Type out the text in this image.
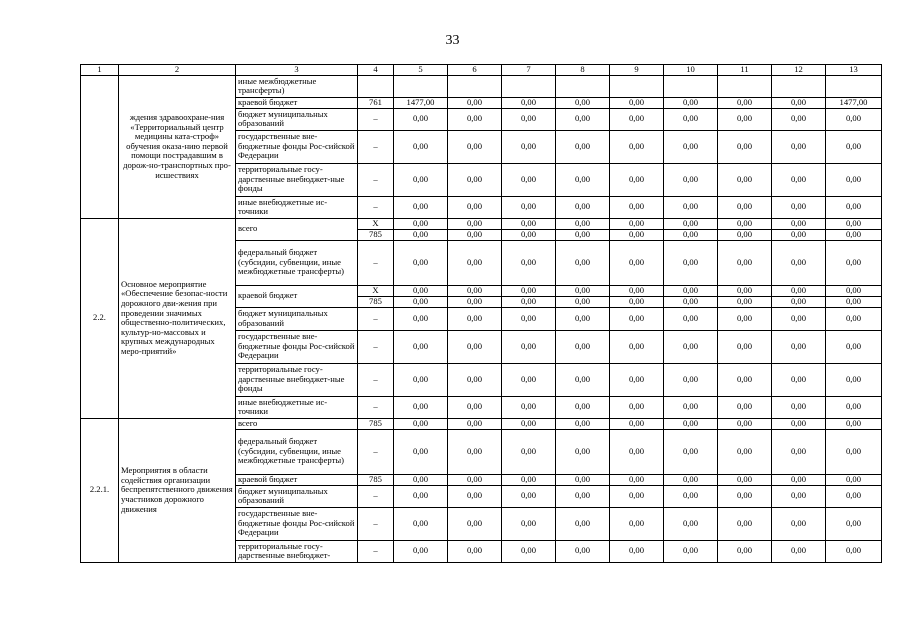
33
1	2	3	4	5	6	7	8	9	10	11	12	13
	ждения здравоохране-ния «Территориальный центр медицины ката-строф» обучения оказа-нию первой помощи пострадавшим в дорож-но-транспортных про-исшествиях	иные межбюджетные трансферты)										
		краевой бюджет	761	1477,00	0,00	0,00	0,00	0,00	0,00	0,00	0,00	1477,00
		бюджет муниципальных образований	–	0,00	0,00	0,00	0,00	0,00	0,00	0,00	0,00	0,00
		государственные вне-бюджетные фонды Рос-сийской Федерации	–	0,00	0,00	0,00	0,00	0,00	0,00	0,00	0,00	0,00
		территориальные госу-дарственные внебюджет-ные фонды	–	0,00	0,00	0,00	0,00	0,00	0,00	0,00	0,00	0,00
		иные внебюджетные ис-точники	–	0,00	0,00	0,00	0,00	0,00	0,00	0,00	0,00	0,00
2.2.	Основное мероприятие «Обеспечение безопас-ности дорожного дви-жения при проведении значимых общественно-политических, культур-но-массовых и крупных международных меро-приятий»	всего	Х	0,00	0,00	0,00	0,00	0,00	0,00	0,00	0,00	0,00
			785	0,00	0,00	0,00	0,00	0,00	0,00	0,00	0,00	0,00
		федеральный бюджет (субсидии, субвенции, иные межбюджетные трансферты)	–	0,00	0,00	0,00	0,00	0,00	0,00	0,00	0,00	0,00
		краевой бюджет	Х	0,00	0,00	0,00	0,00	0,00	0,00	0,00	0,00	0,00
			785	0,00	0,00	0,00	0,00	0,00	0,00	0,00	0,00	0,00
		бюджет муниципальных образований	–	0,00	0,00	0,00	0,00	0,00	0,00	0,00	0,00	0,00
		государственные вне-бюджетные фонды Рос-сийской Федерации	–	0,00	0,00	0,00	0,00	0,00	0,00	0,00	0,00	0,00
		территориальные госу-дарственные внебюджет-ные фонды	–	0,00	0,00	0,00	0,00	0,00	0,00	0,00	0,00	0,00
		иные внебюджетные ис-точники	–	0,00	0,00	0,00	0,00	0,00	0,00	0,00	0,00	0,00
2.2.1.	Мероприятия в области содействия организации беспрепятственного движения участников дорожного движения	всего	785	0,00	0,00	0,00	0,00	0,00	0,00	0,00	0,00	0,00
		федеральный бюджет (субсидии, субвенции, иные межбюджетные трансферты)	–	0,00	0,00	0,00	0,00	0,00	0,00	0,00	0,00	0,00
		краевой бюджет	785	0,00	0,00	0,00	0,00	0,00	0,00	0,00	0,00	0,00
		бюджет муниципальных образований	–	0,00	0,00	0,00	0,00	0,00	0,00	0,00	0,00	0,00
		государственные вне-бюджетные фонды Рос-сийской Федерации	–	0,00	0,00	0,00	0,00	0,00	0,00	0,00	0,00	0,00
		территориальные госу-дарственные внебюджет-	–	0,00	0,00	0,00	0,00	0,00	0,00	0,00	0,00	0,00
